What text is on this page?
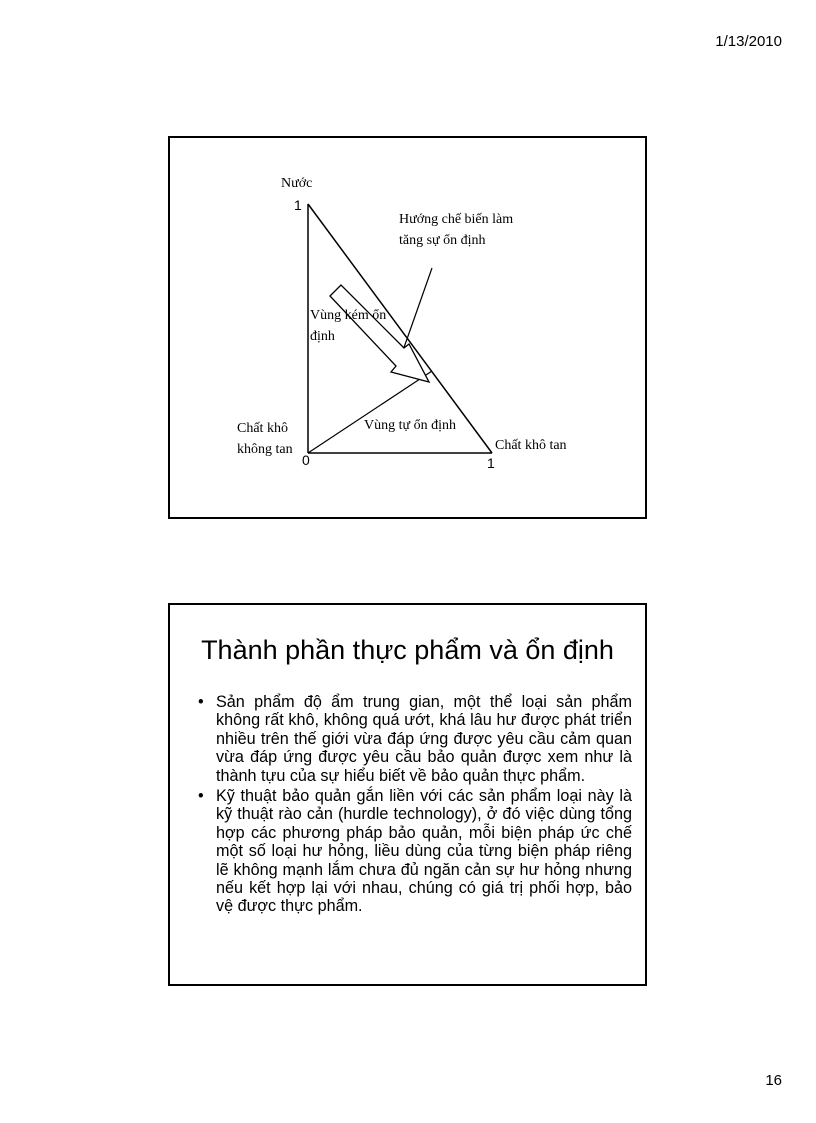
1/13/2010
Nước
1
0	1
Hướng chế biến làm
tăng sự ổn định
Vùng kém ổn
định
Vùng tự ổn định
Chất khô
không tan	Chất khô tan
Thành phần thực phẩm và ổn định
• Sản phẩm độ ẩm trung gian, một thể loại sản phẩm không rất khô, không quá ướt, khá lâu hư được phát triển nhiều trên thế giới vừa đáp ứng được yêu cầu cảm quan vừa đáp ứng được yêu cầu bảo quản được xem như là thành tựu của sự hiểu biết về bảo quản thực phẩm.
• Kỹ thuật bảo quản gắn liền với các sản phẩm loại này là kỹ thuật rào cản (hurdle technology), ở đó việc dùng tổng hợp các phương pháp bảo quản, mỗi biện pháp ức chế một số loại hư hỏng, liều dùng của từng biện pháp riêng lẽ không mạnh lắm chưa đủ ngăn cản sự hư hỏng nhưng nếu kết hợp lại với nhau, chúng có giá trị phối hợp, bảo vệ được thực phẩm.
16
